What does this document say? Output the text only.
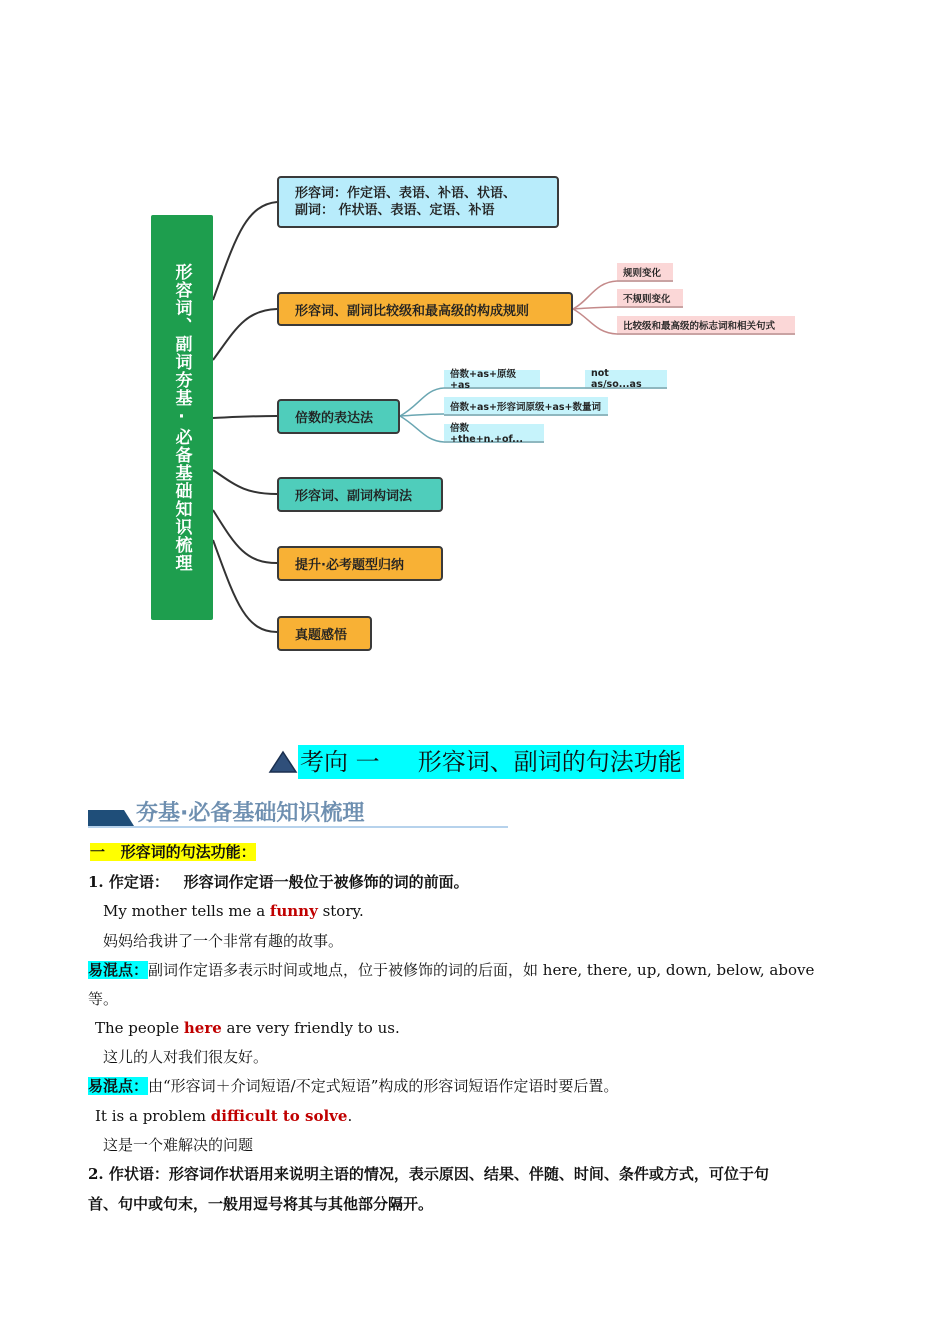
形容词、副词夯基·必备基础知识梳理
形容词：作定语、表语、补语、状语、
副词： 作状语、表语、定语、补语
形容词、副词比较级和最高级的构成规则
倍数的表达法
形容词、副词构词法
提升·必考题型归纳
真题感悟
规则变化
不规则变化
比较级和最高级的标志词和相关句式
倍数+as+原级+as
倍数+as+形容词原级+as+数量词
倍数+the+n.+of...
not as/so...as
考向 一     形容词、副词的句法功能
夯基·必备基础知识梳理
一   形容词的句法功能：
1. 作定语： 形容词作定语一般位于被修饰的词的前面。
My mother tells me a funny story.
妈妈给我讲了一个非常有趣的故事。
易混点：副词作定语多表示时间或地点，位于被修饰的词的后面，如 here, there, up, down, below, above
等。
The people here are very friendly to us.
这儿的人对我们很友好。
易混点：由“形容词＋介词短语/不定式短语”构成的形容词短语作定语时要后置。
It is a problem difficult to solve.
这是一个难解决的问题
2. 作状语：形容词作状语用来说明主语的情况，表示原因、结果、伴随、时间、条件或方式，可位于句
首、句中或句末，一般用逗号将其与其他部分隔开。
